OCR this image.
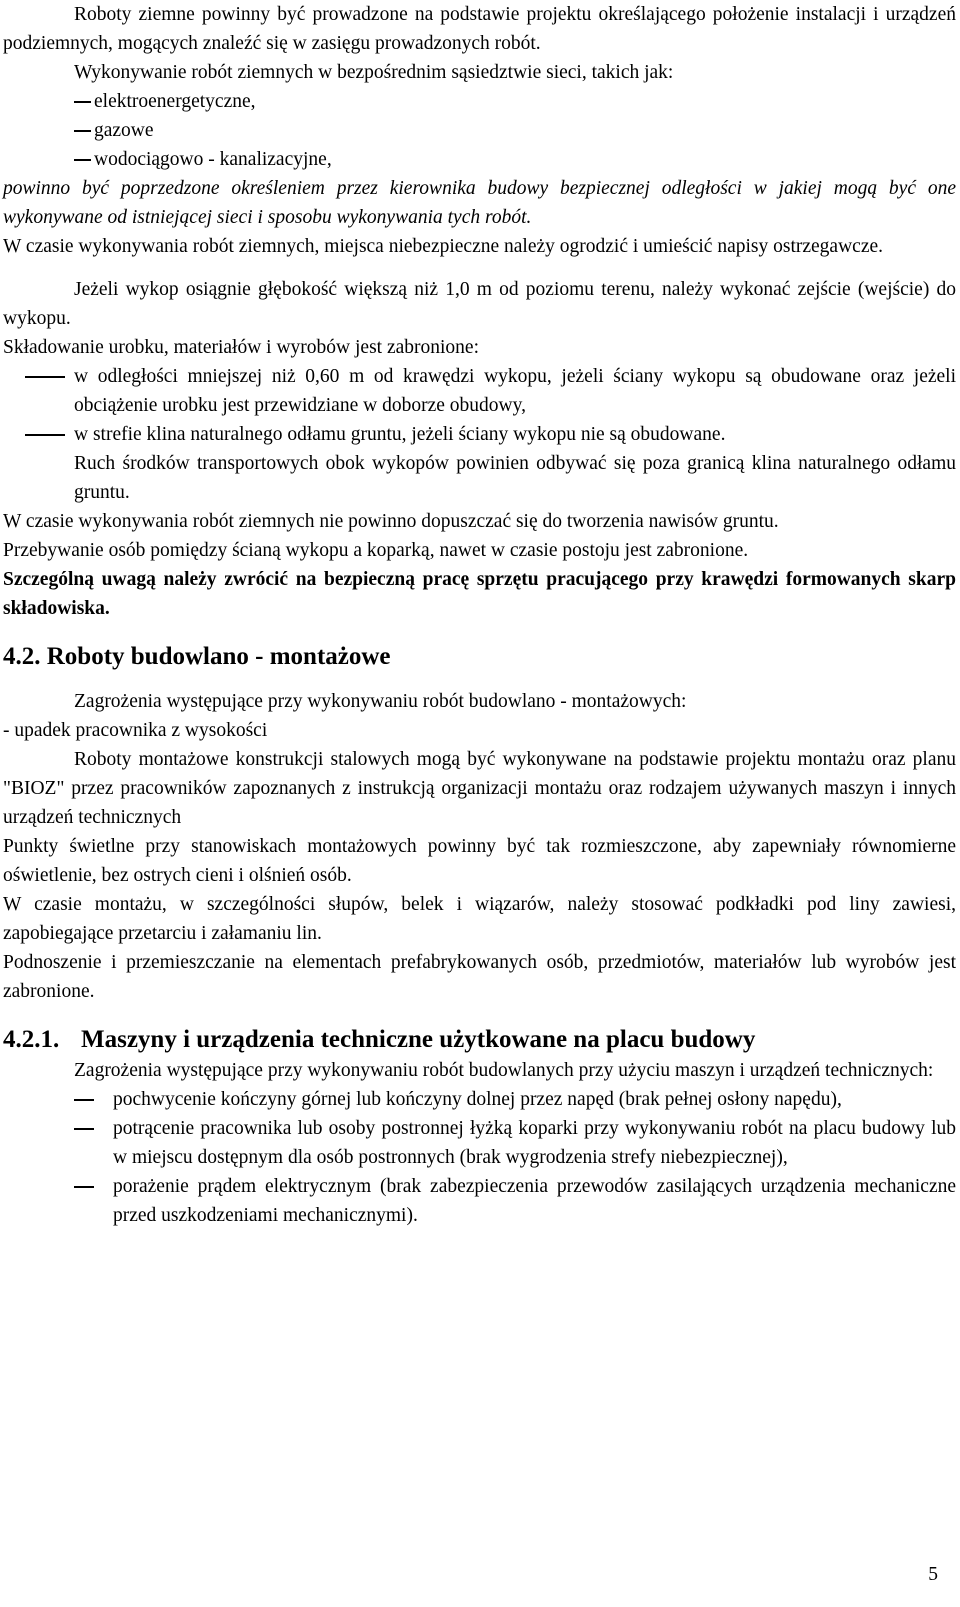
Roboty ziemne powinny być prowadzone na podstawie projektu określającego położenie instalacji i urządzeń podziemnych, mogących znaleźć się w zasięgu prowadzonych robót.

Wykonywanie robót ziemnych w bezpośrednim sąsiedztwie sieci, takich jak:

elektroenergetyczne,
gazowe
wodociągowo - kanalizacyjne,

powinno być poprzedzone określeniem przez kierownika budowy bezpiecznej odległości w jakiej mogą być one wykonywane od istniejącej sieci i sposobu wykonywania tych robót.

W czasie wykonywania robót ziemnych, miejsca niebezpieczne należy ogrodzić i umieścić napisy ostrzegawcze.

Jeżeli wykop osiągnie głębokość większą niż 1,0 m od poziomu terenu, należy wykonać zejście (wejście) do wykopu.

Składowanie urobku, materiałów i wyrobów jest zabronione:

w odległości mniejszej niż 0,60 m od krawędzi wykopu, jeżeli ściany wykopu są obudowane oraz jeżeli obciążenie urobku jest przewidziane w doborze obudowy,

w strefie klina naturalnego odłamu gruntu, jeżeli ściany wykopu nie są obudowane.

Ruch środków transportowych obok wykopów powinien odbywać się poza granicą klina naturalnego odłamu gruntu.

W czasie wykonywania robót ziemnych nie powinno dopuszczać się do tworzenia nawisów gruntu.

Przebywanie osób pomiędzy ścianą wykopu a koparką, nawet w czasie postoju jest zabronione.

Szczególną uwagą należy zwrócić na bezpieczną pracę sprzętu pracującego przy krawędzi formowanych skarp składowiska.

4.2. Roboty budowlano - montażowe

Zagrożenia występujące przy wykonywaniu robót budowlano - montażowych:

- upadek pracownika z wysokości

Roboty montażowe konstrukcji stalowych mogą być wykonywane na podstawie projektu montażu oraz planu "BIOZ" przez pracowników zapoznanych z instrukcją organizacji montażu oraz rodzajem używanych maszyn i innych urządzeń technicznych

Punkty świetlne przy stanowiskach montażowych powinny być tak rozmieszczone, aby zapewniały równomierne oświetlenie, bez ostrych cieni i olśnień osób.

W czasie montażu, w szczególności słupów, belek i wiązarów, należy stosować podkładki pod liny zawiesi, zapobiegające przetarciu i załamaniu lin.

Podnoszenie i przemieszczanie na elementach prefabrykowanych osób, przedmiotów, materiałów lub wyrobów jest zabronione.

4.2.1. Maszyny i urządzenia techniczne użytkowane na placu budowy

Zagrożenia występujące przy wykonywaniu robót budowlanych przy użyciu maszyn i urządzeń technicznych:

pochwycenie kończyny górnej lub kończyny dolnej przez napęd (brak pełnej osłony napędu),

potrącenie pracownika lub osoby postronnej łyżką koparki przy wykonywaniu robót na placu budowy lub w miejscu dostępnym dla osób postronnych (brak wygrodzenia strefy niebezpiecznej),

porażenie prądem elektrycznym (brak zabezpieczenia przewodów zasilających urządzenia mechaniczne przed uszkodzeniami mechanicznymi).

5
